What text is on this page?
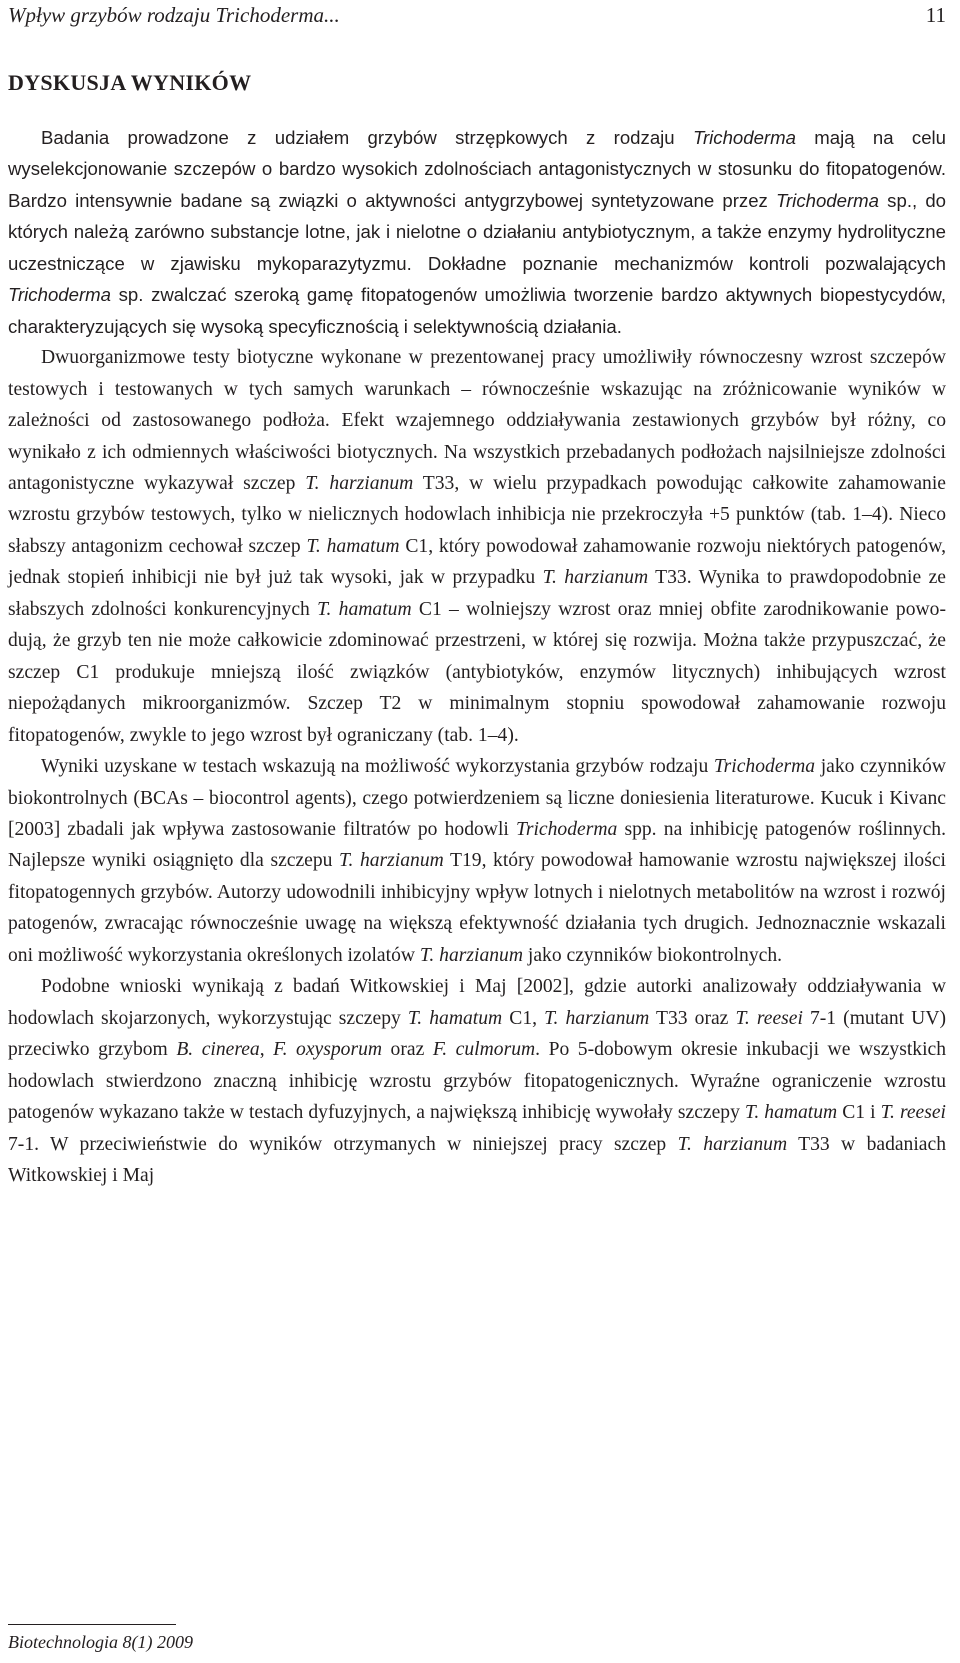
Wpływ grzybów rodzaju Trichoderma...	11
DYSKUSJA WYNIKÓW

Badania prowadzone z udziałem grzybów strzępkowych z rodzaju Trichoderma mają na celu wyselekcjonowanie szczepów o bardzo wysokich zdolnościach antagonistycznych w stosunku do fitopatogenów. Bardzo intensywnie badane są związki o aktywności antygrzybowej syntetyzowane przez Trichoderma sp., do których należą zarówno substancje lotne, jak i nielotne o działaniu antybiotycznym, a także enzymy hydrolityczne uczestniczące w zjawisku mykoparazytyzmu. Dokładne poznanie mechanizmów kontroli pozwalających Trichoderma sp. zwalczać szeroką gamę fitopatogenów umożliwia tworzenie bardzo aktywnych biopestycydów, charakteryzujących się wysoką specyficznością i selektywnością działania.

Dwuorganizmowe testy biotyczne wykonane w prezentowanej pracy umożliwiły równoczesny wzrost szczepów testowych i testowanych w tych samych warunkach – równocześnie wskazując na zróżnicowanie wyników w zależności od zastosowanego podłoża. Efekt wzajemnego oddziaływania zestawionych grzybów był różny, co wynikało z ich odmiennych właściwości biotycznych. Na wszystkich przebadanych podłożach najsilniejsze zdolności antagonistyczne wykazywał szczep T. harzianum T33, w wielu przypadkach powodując całkowite zahamowanie wzrostu grzybów testowych, tylko w nielicznych hodowlach inhibicja nie przekroczyła +5 punktów (tab. 1–4). Nieco słabszy antagonizm cechował szczep T. hamatum C1, który powodował zahamowanie rozwoju niektórych patogenów, jednak stopień inhibicji nie był już tak wysoki, jak w przypadku T. harzianum T33. Wynika to prawdopodobnie ze słabszych zdolności konkurencyjnych T. hamatum C1 – wolniejszy wzrost oraz mniej obfite zarodnikowanie powodują, że grzyb ten nie może całkowicie zdominować przestrzeni, w której się rozwija. Można także przypuszczać, że szczep C1 produkuje mniejszą ilość związków (antybiotyków, enzymów litycznych) inhibujących wzrost niepożądanych mikroorganizmów. Szczep T2 w minimalnym stopniu spowodował zahamowanie rozwoju fitopatogenów, zwykle to jego wzrost był ograniczany (tab. 1–4).

Wyniki uzyskane w testach wskazują na możliwość wykorzystania grzybów rodzaju Trichoderma jako czynników biokontrolnych (BCAs – biocontrol agents), czego potwierdzeniem są liczne doniesienia literaturowe. Kucuk i Kivanc [2003] zbadali jak wpływa zastosowanie filtratów po hodowli Trichoderma spp. na inhibicję patogenów roślinnych. Najlepsze wyniki osiągnięto dla szczepu T. harzianum T19, który powodował hamowanie wzrostu największej ilości fitopatogennych grzybów. Autorzy udowodnili inhibicyjny wpływ lotnych i nielotnych metabolitów na wzrost i rozwój patogenów, zwracając równocześnie uwagę na większą efektywność działania tych drugich. Jednoznacznie wskazali oni możliwość wykorzystania określonych izolatów T. harzianum jako czynników biokontrolnych.

Podobne wnioski wynikają z badań Witkowskiej i Maj [2002], gdzie autorki analizowały oddziaływania w hodowlach skojarzonych, wykorzystując szczepy T. hamatum C1, T. harzianum T33 oraz T. reesei 7-1 (mutant UV) przeciwko grzybom B. cinerea, F. oxysporum oraz F. culmorum. Po 5-dobowym okresie inkubacji we wszystkich hodowlach stwierdzono znaczną inhibicję wzrostu grzybów fitopatogenicznych. Wyraźne ograniczenie wzrostu patogenów wykazano także w testach dyfuzyjnych, a największą inhibicję wywołały szczepy T. hamatum C1 i T. reesei 7-1. W przeciwieństwie do wyników otrzymanych w niniejszej pracy szczep T. harzianum T33 w badaniach Witkowskiej i Maj

Biotechnologia 8(1) 2009
